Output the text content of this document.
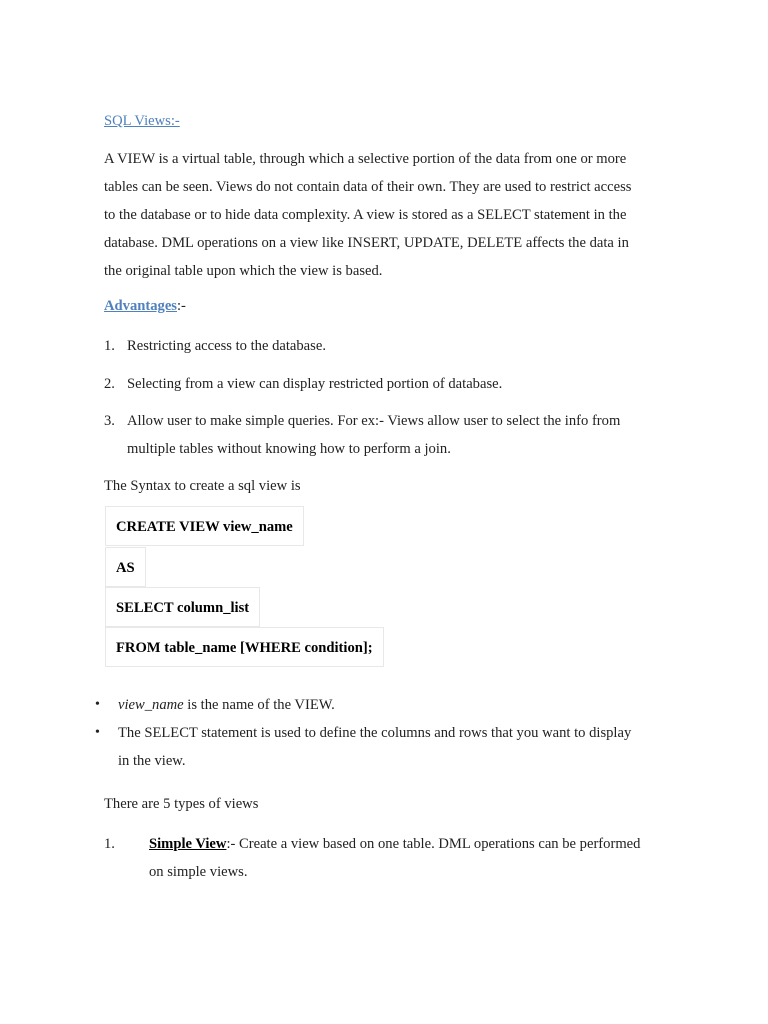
SQL Views:-
A VIEW is a virtual table, through which a selective portion of the data from one or more
tables can be seen. Views do not contain data of their own. They are used to restrict access
to the database or to hide data complexity. A view is stored as a SELECT statement in the
database. DML operations on a view like INSERT, UPDATE, DELETE affects the data in
the original table upon which the view is based.
Advantages:-
1. Restricting access to the database.
2. Selecting from a view can display restricted portion of database.
3. Allow user to make simple queries. For ex:- Views allow user to select the info from
multiple tables without knowing how to perform a join.
The Syntax to create a sql view is
CREATE VIEW view_name
AS
SELECT column_list
FROM table_name [WHERE condition];
• view_name is the name of the VIEW.
• The SELECT statement is used to define the columns and rows that you want to display
in the view.
There are 5 types of views
1. Simple View:- Create a view based on one table. DML operations can be performed
on simple views.
